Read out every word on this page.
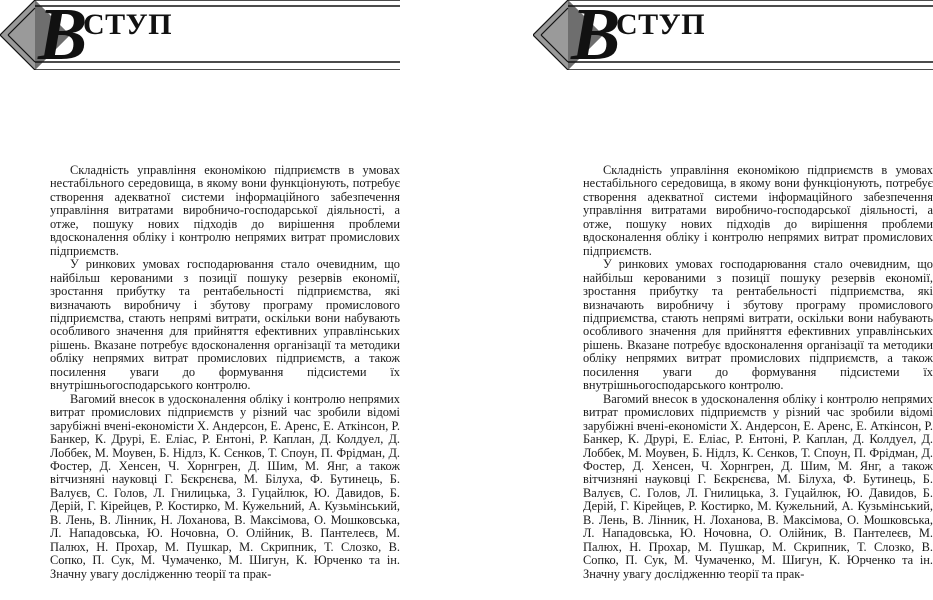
В
СТУП

Складність управління економікою підприємств в умовах нестабільного середовища, в якому вони функціонують, потребує створення адекватної системи інформаційного забезпечення управління витратами виробничо-господарської діяльності, а отже, пошуку нових підходів до вирішення проблеми вдосконалення обліку і контролю непрямих витрат промислових підприємств.

У ринкових умовах господарювання стало очевидним, що найбільш керованими з позиції пошуку резервів економії, зростання прибутку та рентабельності підприємства, які визначають виробничу і збутову програму промислового підприємства, стають непрямі витрати, оскільки вони набувають особливого значення для прийняття ефективних управлінських рішень. Вказане потребує вдосконалення організації та методики обліку непрямих витрат промислових підприємств, а також посилення уваги до формування підсистеми їх внутрішньогосподарського контролю.

Вагомий внесок в удосконалення обліку і контролю непрямих витрат промислових підприємств у різний час зробили відомі зарубіжні вчені-економісти Х. Андерсон, Е. Аренс, Е. Аткінсон, Р. Банкер, К. Друрі, Е. Еліас, Р. Ентоні, Р. Каплан, Д. Колдуел, Д. Лоббек, М. Моувен, Б. Нідлз, К. Сєнков, Т. Споун, П. Фрідман, Д. Фостер, Д. Хенсен, Ч. Хорнгрен, Д. Шим, М. Янг, а також вітчизняні науковці Г. Бєкрєнєва, М. Білуха, Ф. Бутинець, Б. Валуєв, С. Голов, Л. Гнилицька, З. Гуцайлюк, Ю. Давидов, Б. Дерій, Г. Кірейцев, Р. Костирко, М. Кужельний, А. Кузьмінський, В. Лень, В. Лінник, Н. Лоханова, В. Максімова, О. Мошковська, Л. Нападовська, Ю. Ночовна, О. Олійник, В. Пантелеєв, М. Палюх, Н. Прохар, М. Пушкар, М. Скрипник, Т. Слозко, В. Сопко, П. Сук, М. Чумаченко, М. Шигун, К. Юрченко та ін. Значну увагу дослідженню теорії та прак-

В
СТУП

Складність управління економікою підприємств в умовах нестабільного середовища, в якому вони функціонують, потребує створення адекватної системи інформаційного забезпечення управління витратами виробничо-господарської діяльності, а отже, пошуку нових підходів до вирішення проблеми вдосконалення обліку і контролю непрямих витрат промислових підприємств.

У ринкових умовах господарювання стало очевидним, що найбільш керованими з позиції пошуку резервів економії, зростання прибутку та рентабельності підприємства, які визначають виробничу і збутову програму промислового підприємства, стають непрямі витрати, оскільки вони набувають особливого значення для прийняття ефективних управлінських рішень. Вказане потребує вдосконалення організації та методики обліку непрямих витрат промислових підприємств, а також посилення уваги до формування підсистеми їх внутрішньогосподарського контролю.

Вагомий внесок в удосконалення обліку і контролю непрямих витрат промислових підприємств у різний час зробили відомі зарубіжні вчені-економісти Х. Андерсон, Е. Аренс, Е. Аткінсон, Р. Банкер, К. Друрі, Е. Еліас, Р. Ентоні, Р. Каплан, Д. Колдуел, Д. Лоббек, М. Моувен, Б. Нідлз, К. Сєнков, Т. Споун, П. Фрідман, Д. Фостер, Д. Хенсен, Ч. Хорнгрен, Д. Шим, М. Янг, а також вітчизняні науковці Г. Бєкрєнєва, М. Білуха, Ф. Бутинець, Б. Валуєв, С. Голов, Л. Гнилицька, З. Гуцайлюк, Ю. Давидов, Б. Дерій, Г. Кірейцев, Р. Костирко, М. Кужельний, А. Кузьмінський, В. Лень, В. Лінник, Н. Лоханова, В. Максімова, О. Мошковська, Л. Нападовська, Ю. Ночовна, О. Олійник, В. Пантелеєв, М. Палюх, Н. Прохар, М. Пушкар, М. Скрипник, Т. Слозко, В. Сопко, П. Сук, М. Чумаченко, М. Шигун, К. Юрченко та ін. Значну увагу дослідженню теорії та прак-
